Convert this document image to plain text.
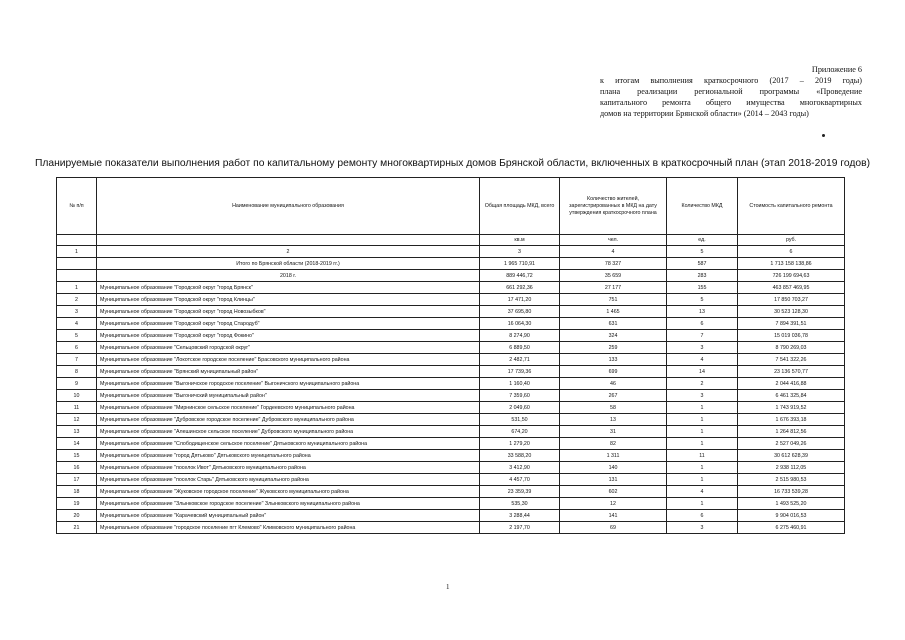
Приложение 6
к итогам выполнения краткосрочного (2017 – 2019 годы)
плана реализации региональной программы «Проведение
капитального ремонта общего имущества многоквартирных
домов на территории Брянской области» (2014 – 2043 годы)
Планируемые показатели выполнения работ по капитальному ремонту многоквартирных домов Брянской области, включенных в краткосрочный план (этап 2018-2019 годов)
№ п/п	Наименование муниципального образования	Общая площадь МКД, всего	Количество жителей, зарегистрированных в МКД на дату утверждения краткосрочного плана	Количество МКД	Стоимость капитального ремонта
		кв.м	чел.	ед.	руб.
1	2	3	4	5	6
	Итого по Брянской области (2018-2019 гг.)	1 965 710,91	78 327	587	1 713 158 138,86
	2018 г.	889 446,72	35 659	283	726 199 694,63
1	Муниципальное образование "Городской округ "город Брянск"	661 292,36	27 177	155	463 857 469,95
2	Муниципальное образование "Городской округ "город Клинцы"	17 471,20	751	5	17 850 703,27
3	Муниципальное образование "Городской округ "город Новозыбков"	37 695,80	1 465	13	30 523 128,30
4	Муниципальное образование "Городской округ "город Стародуб"	16 064,30	631	6	7 894 391,51
5	Муниципальное образование "Городской округ "город Фокино"	8 274,90	324	7	15 019 036,78
6	Муниципальное образование "Сельцовский городской округ"	6 889,50	259	3	8 790 269,03
7	Муниципальное образование "Локотское городское поселение" Брасовского муниципального района	2 482,71	133	4	7 541 322,26
8	Муниципальное образование "Брянский муниципальный район"	17 739,36	699	14	23 136 570,77
9	Муниципальное образование "Выгоничское городское поселение" Выгоничского муниципального района	1 160,40	46	2	2 044 416,88
10	Муниципальное образование "Выгоничский муниципальный район"	7 359,60	267	3	6 461 325,84
11	Муниципальное образование "Мирнинское сельское поселение" Гордеевского муниципального района	2 049,60	58	1	1 743 919,52
12	Муниципальное образование "Дубровское городское поселение" Дубровского муниципального района	531,50	13	1	1 676 393,18
13	Муниципальное образование "Алешинское сельское поселение" Дубровского муниципального района	674,20	31	1	1 264 812,56
14	Муниципальное образование "Слободищенское сельское поселение" Дятьковского муниципального района	1 279,20	82	1	2 527 049,26
15	Муниципальное образование "город Дятьково" Дятьковского муниципального района	33 588,20	1 311	11	30 612 628,39
16	Муниципальное образование "поселок Ивот" Дятьковского муниципального района	3 412,90	140	1	2 938 112,05
17	Муниципальное образование "поселок Старь" Дятьковского муниципального района	4 457,70	131	1	2 515 980,53
18	Муниципальное образование "Жуковское городское поселение" Жуковского муниципального района	23 359,39	602	4	16 733 539,28
19	Муниципальное образование "Злынковское городское поселение" Злынковского муниципального района	535,30	12	1	1 493 525,20
20	Муниципальное образование "Карачевский муниципальный район"	3 288,44	141	6	9 904 016,53
21	Муниципальное образование "городское поселение пгт Клемово" Климовского муниципального района	2 197,70	69	3	6 275 460,91
1
